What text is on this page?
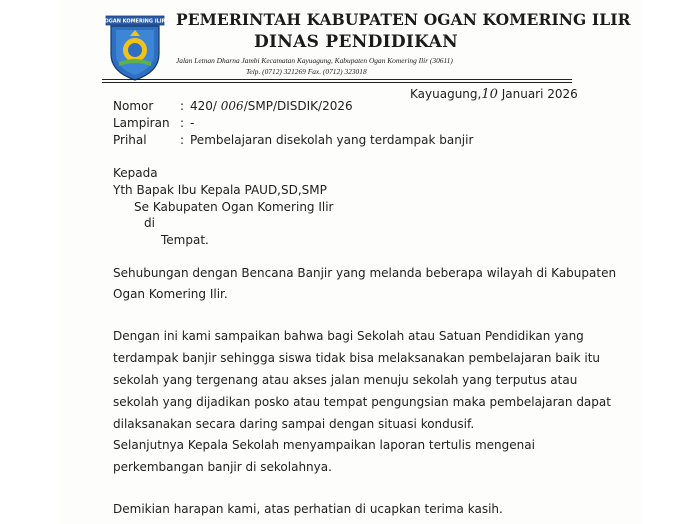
OGAN KOMERING ILIR PEMERINTAH KABUPATEN OGAN KOMERING ILIR
DINAS PENDIDIKAN
Jalan Letnan Dharna Jambi Kecamatan Kayuagung, Kabupaten Ogan Komering Ilir (30611)
Telp. (0712) 321269 Fax. (0712) 323018
Kayuagung,10 Januari 2026
Nomor : 420/ 006/SMP/DISDIK/2026
Lampiran : -
Prihal	: Pembelajaran disekolah yang terdampak banjir
Kepada
Yth Bapak Ibu Kepala PAUD,SD,SMP
Se Kabupaten Ogan Komering Ilir
di
Tempat.
Sehubungan dengan Bencana Banjir yang melanda beberapa wilayah di Kabupaten
Ogan Komering Ilir.
Dengan ini kami sampaikan bahwa bagi Sekolah atau Satuan Pendidikan yang
terdampak banjir sehingga siswa tidak bisa melaksanakan pembelajaran baik itu
sekolah yang tergenang atau akses jalan menuju sekolah yang terputus atau
sekolah yang dijadikan posko atau tempat pengungsian maka pembelajaran dapat
dilaksanakan secara daring sampai dengan situasi kondusif.
Selanjutnya Kepala Sekolah menyampaikan laporan tertulis mengenai
perkembangan banjir di sekolahnya.
Demikian harapan kami, atas perhatian di ucapkan terima kasih.
